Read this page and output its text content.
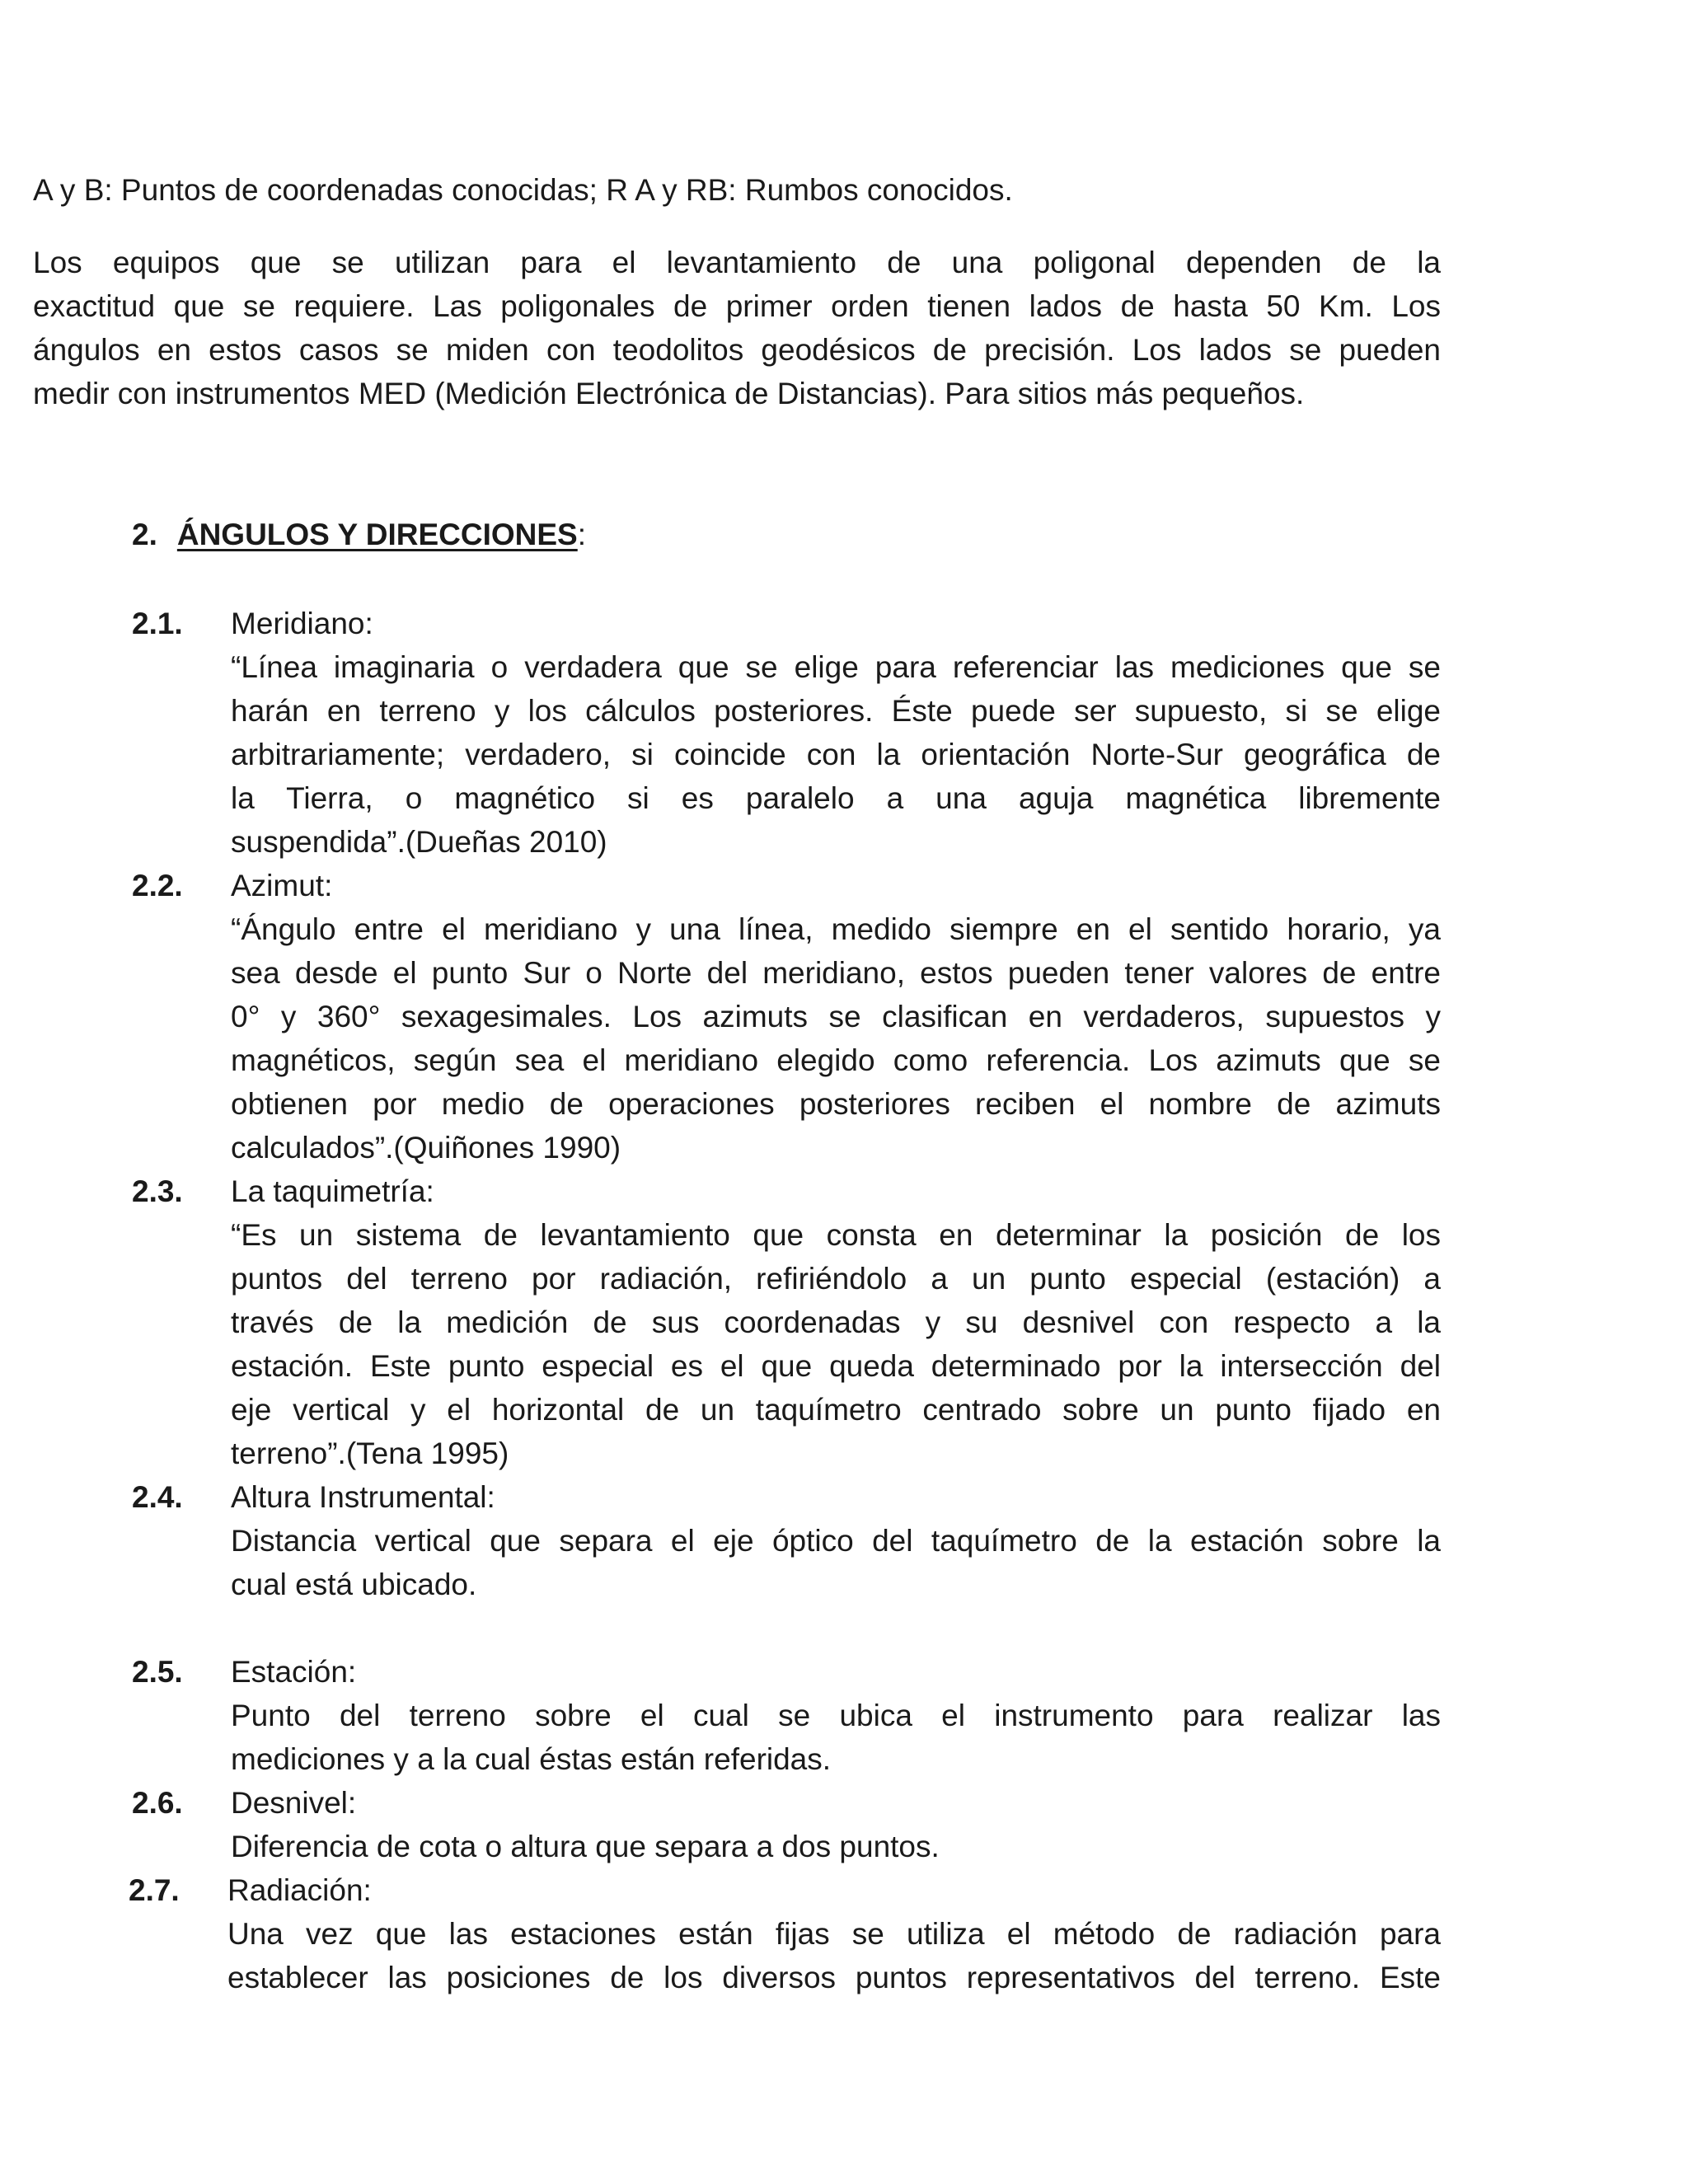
A y B: Puntos de coordenadas conocidas; R A y RB: Rumbos conocidos.
Los equipos que se utilizan para el levantamiento de una poligonal dependen de la
exactitud que se requiere. Las poligonales de primer orden tienen lados de hasta 50 Km. Los
ángulos en estos casos se miden con teodolitos geodésicos de precisión. Los lados se pueden
medir con instrumentos MED (Medición Electrónica de Distancias). Para sitios más pequeños.
2. ÁNGULOS Y DIRECCIONES:
2.1. Meridiano:
“Línea imaginaria o verdadera que se elige para referenciar las mediciones que se
harán en terreno y los cálculos posteriores. Éste puede ser supuesto, si se elige
arbitrariamente; verdadero, si coincide con la orientación Norte-Sur geográfica de
la Tierra, o magnético si es paralelo a una aguja magnética libremente
suspendida”.(Dueñas 2010)
2.2. Azimut:
“Ángulo entre el meridiano y una línea, medido siempre en el sentido horario, ya
sea desde el punto Sur o Norte del meridiano, estos pueden tener valores de entre
0° y 360° sexagesimales. Los azimuts se clasifican en verdaderos, supuestos y
magnéticos, según sea el meridiano elegido como referencia. Los azimuts que se
obtienen por medio de operaciones posteriores reciben el nombre de azimuts
calculados”.(Quiñones 1990)
2.3. La taquimetría:
“Es un sistema de levantamiento que consta en determinar la posición de los
puntos del terreno por radiación, refiriéndolo a un punto especial (estación) a
través de la medición de sus coordenadas y su desnivel con respecto a la
estación. Este punto especial es el que queda determinado por la intersección del
eje vertical y el horizontal de un taquímetro centrado sobre un punto fijado en
terreno”.(Tena 1995)
2.4. Altura Instrumental:
Distancia vertical que separa el eje óptico del taquímetro de la estación sobre la
cual está ubicado.
2.5. Estación:
Punto del terreno sobre el cual se ubica el instrumento para realizar las
mediciones y a la cual éstas están referidas.
2.6. Desnivel:
Diferencia de cota o altura que separa a dos puntos.
2.7. Radiación:
Una vez que las estaciones están fijas se utiliza el método de radiación para
establecer las posiciones de los diversos puntos representativos del terreno. Este
